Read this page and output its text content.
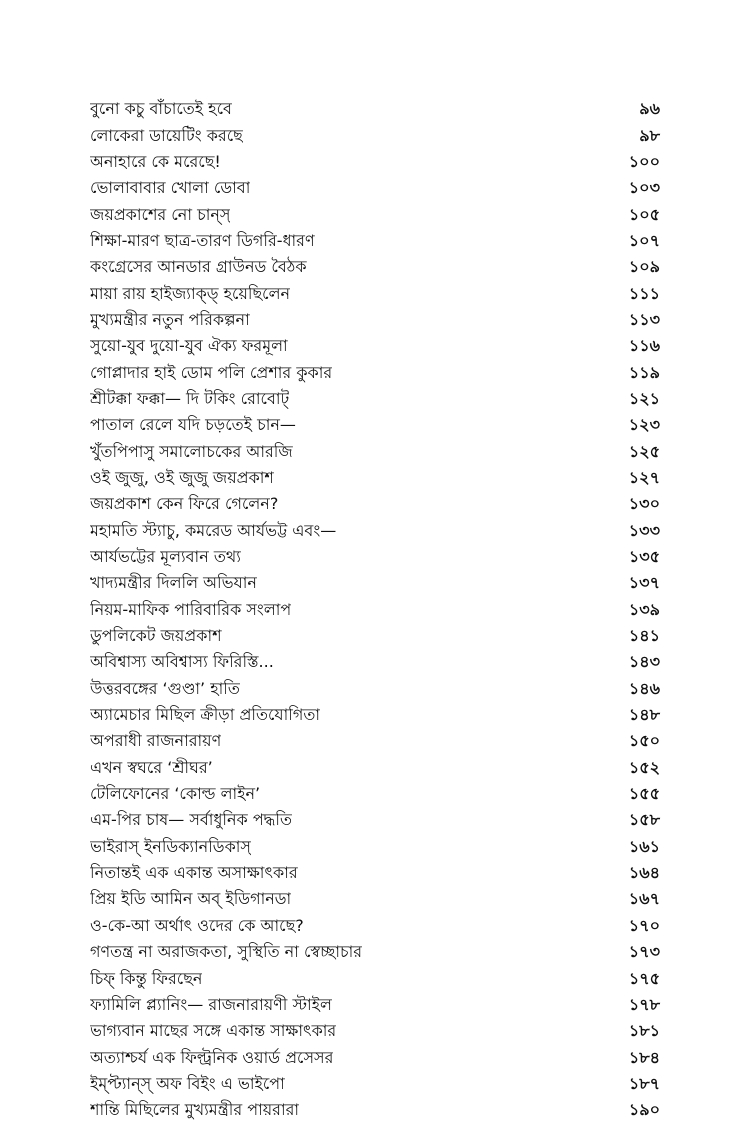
বুনো কচু বাঁচাতেই হবে	৯৬
লোকেরা ডায়েটিং করছে	৯৮
অনাহারে কে মরেছে!	১০০
ভোলাবাবার খোলা ডোবা	১০৩
জয়প্রকাশের নো চান্স্	১০৫
শিক্ষা-মারণ ছাত্র-তারণ ডিগরি-ধারণ	১০৭
কংগ্রেসের আনডার গ্রাউনড বৈঠক	১০৯
মায়া রায় হাইজ্যাক্ড্ হয়েছিলেন	১১১
মুখ্যমন্ত্রীর নতুন পরিকল্পনা	১১৩
সুয়ো-যুব দুয়ো-যুব ঐক্য ফরমূলা	১১৬
গোপ্লাদার হাই ডোম পলি প্রেশার কুকার	১১৯
শ্রীটক্কা ফক্কা— দি টকিং রোবোট্	১২১
পাতাল রেলে যদি চড়তেই চান—	১২৩
খুঁতপিপাসু সমালোচকের আরজি	১২৫
ওই জুজু, ওই জুজু জয়প্রকাশ	১২৭
জয়প্রকাশ কেন ফিরে গেলেন?	১৩০
মহামতি স্ট্যাচু, কমরেড আর্যভট্ট এবং—	১৩৩
আর্যভট্টের মূল্যবান তথ্য	১৩৫
খাদ্যমন্ত্রীর দিললি অভিযান	১৩৭
নিয়ম-মাফিক পারিবারিক সংলাপ	১৩৯
ডুপলিকেট জয়প্রকাশ	১৪১
অবিশ্বাস্য অবিশ্বাস্য ফিরিস্তি...	১৪৩
উত্তরবঙ্গের ‘গুণ্ডা’ হাতি	১৪৬
অ্যামেচার মিছিল ক্রীড়া প্রতিযোগিতা	১৪৮
অপরাধী রাজনারায়ণ	১৫০
এখন স্বঘরে ‘শ্রীঘর’	১৫২
টেলিফোনের ‘কোল্ড লাইন’	১৫৫
এম-পির চাষ— সর্বাধুনিক পদ্ধতি	১৫৮
ভাইরাস্ ইনডিক্যানডিকাস্	১৬১
নিতান্তই এক একান্ত অসাক্ষাৎকার	১৬৪
প্রিয় ইডি আমিন অব্ ইডিগানডা	১৬৭
ও-কে-আ অর্থাৎ ওদের কে আছে?	১৭০
গণতন্ত্র না অরাজকতা, সুস্থিতি না স্বেচ্ছাচার	১৭৩
চিফ্ কিন্তু ফিরছেন	১৭৫
ফ্যামিলি প্ল্যানিং— রাজনারায়ণী স্টাইল	১৭৮
ভাগ্যবান মাছের সঙ্গে একান্ত সাক্ষাৎকার	১৮১
অত্যাশ্চর্য এক ফিল্ট্রনিক ওয়ার্ড প্রসেসর	১৮৪
ইম্প্ট্যান্স্ অফ বিইং এ ভাইপো	১৮৭
শান্তি মিছিলের মুখ্যমন্ত্রীর পায়রারা	১৯০
